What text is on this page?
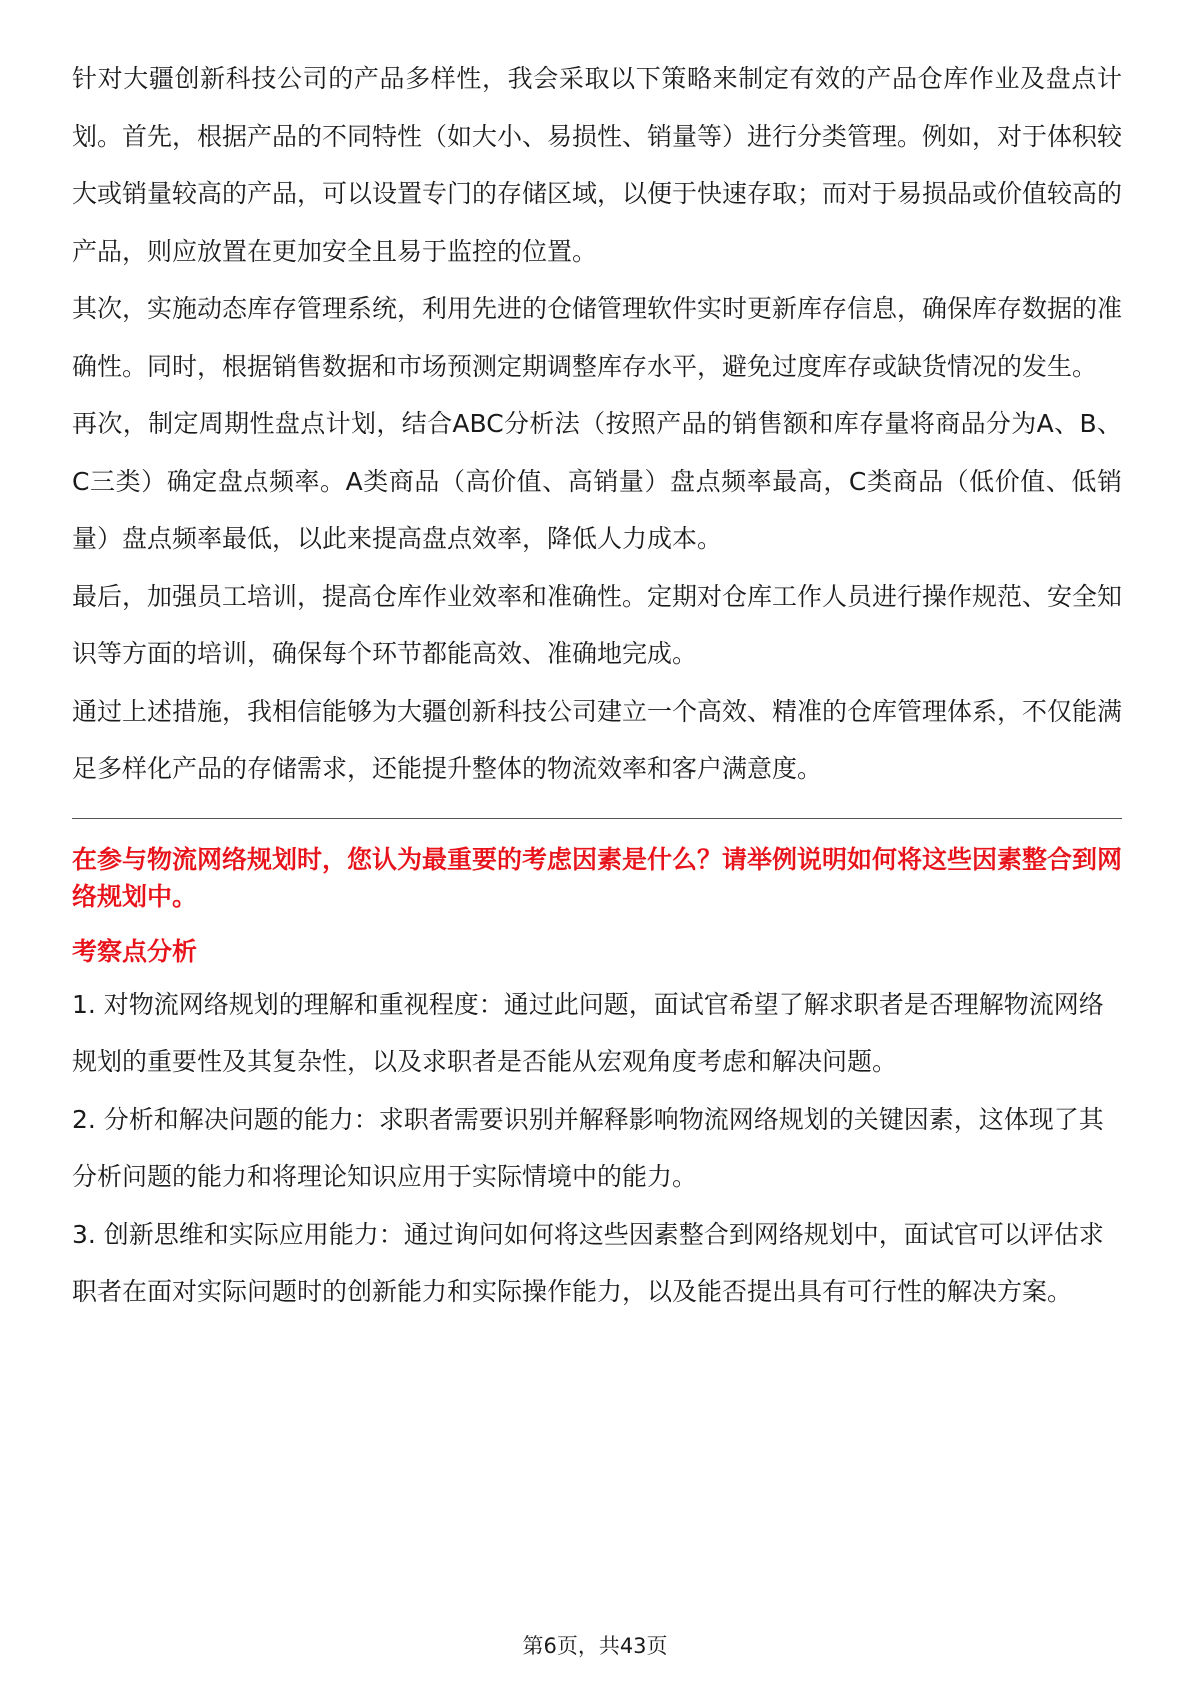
针对大疆创新科技公司的产品多样性，我会采取以下策略来制定有效的产品仓库作业及盘点计划。首先，根据产品的不同特性（如大小、易损性、销量等）进行分类管理。例如，对于体积较大或销量较高的产品，可以设置专门的存储区域，以便于快速存取；而对于易损品或价值较高的产品，则应放置在更加安全且易于监控的位置。

其次，实施动态库存管理系统，利用先进的仓储管理软件实时更新库存信息，确保库存数据的准确性。同时，根据销售数据和市场预测定期调整库存水平，避免过度库存或缺货情况的发生。

再次，制定周期性盘点计划，结合ABC分析法（按照产品的销售额和库存量将商品分为A、B、C三类）确定盘点频率。A类商品（高价值、高销量）盘点频率最高，C类商品（低价值、低销量）盘点频率最低，以此来提高盘点效率，降低人力成本。

最后，加强员工培训，提高仓库作业效率和准确性。定期对仓库工作人员进行操作规范、安全知识等方面的培训，确保每个环节都能高效、准确地完成。

通过上述措施，我相信能够为大疆创新科技公司建立一个高效、精准的仓库管理体系，不仅能满足多样化产品的存储需求，还能提升整体的物流效率和客户满意度。

在参与物流网络规划时，您认为最重要的考虑因素是什么？请举例说明如何将这些因素整合到网络规划中。

考察点分析

1. 对物流网络规划的理解和重视程度：通过此问题，面试官希望了解求职者是否理解物流网络规划的重要性及其复杂性，以及求职者是否能从宏观角度考虑和解决问题。

2. 分析和解决问题的能力：求职者需要识别并解释影响物流网络规划的关键因素，这体现了其分析问题的能力和将理论知识应用于实际情境中的能力。

3. 创新思维和实际应用能力：通过询问如何将这些因素整合到网络规划中，面试官可以评估求职者在面对实际问题时的创新能力和实际操作能力，以及能否提出具有可行性的解决方案。

第6页，共43页
